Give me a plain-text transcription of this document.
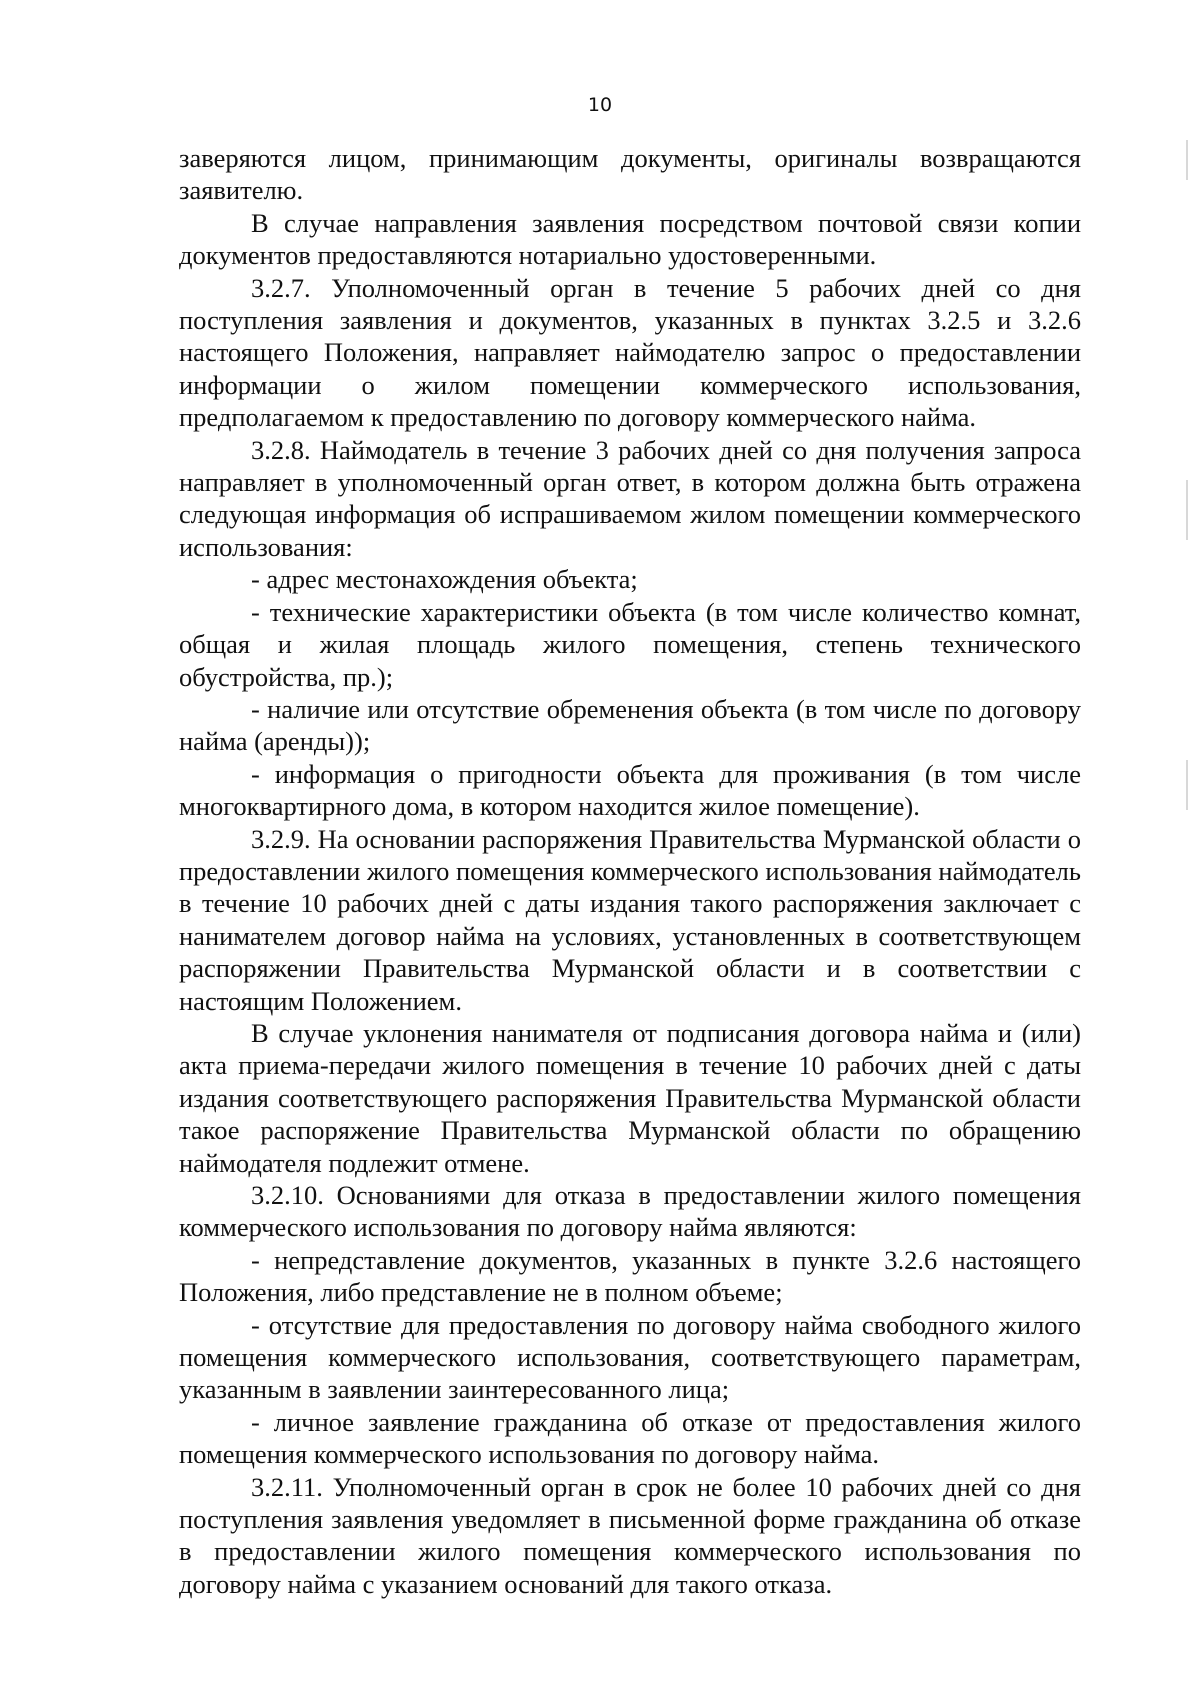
10

заверяются лицом, принимающим документы, оригиналы возвращаются заявителю.

В случае направления заявления посредством почтовой связи копии документов предоставляются нотариально удостоверенными.

3.2.7. Уполномоченный орган в течение 5 рабочих дней со дня поступления заявления и документов, указанных в пунктах 3.2.5 и 3.2.6 настоящего Положения, направляет наймодателю запрос о предоставлении информации о жилом помещении коммерческого использования, предполагаемом к предоставлению по договору коммерческого найма.

3.2.8. Наймодатель в течение 3 рабочих дней со дня получения запроса направляет в уполномоченный орган ответ, в котором должна быть отражена следующая информация об испрашиваемом жилом помещении коммерческого использования:

- адрес местонахождения объекта;

- технические характеристики объекта (в том числе количество комнат, общая и жилая площадь жилого помещения, степень технического обустройства, пр.);

- наличие или отсутствие обременения объекта (в том числе по договору найма (аренды));

- информация о пригодности объекта для проживания (в том числе многоквартирного дома, в котором находится жилое помещение).

3.2.9. На основании распоряжения Правительства Мурманской области о предоставлении жилого помещения коммерческого использования наймодатель в течение 10 рабочих дней с даты издания такого распоряжения заключает с нанимателем договор найма на условиях, установленных в соответствующем распоряжении Правительства Мурманской области и в соответствии с настоящим Положением.

В случае уклонения нанимателя от подписания договора найма и (или) акта приема-передачи жилого помещения в течение 10 рабочих дней с даты издания соответствующего распоряжения Правительства Мурманской области такое распоряжение Правительства Мурманской области по обращению наймодателя подлежит отмене.

3.2.10. Основаниями для отказа в предоставлении жилого помещения коммерческого использования по договору найма являются:

- непредставление документов, указанных в пункте 3.2.6 настоящего Положения, либо представление не в полном объеме;

- отсутствие для предоставления по договору найма свободного жилого помещения коммерческого использования, соответствующего параметрам, указанным в заявлении заинтересованного лица;

- личное заявление гражданина об отказе от предоставления жилого помещения коммерческого использования по договору найма.

3.2.11. Уполномоченный орган в срок не более 10 рабочих дней со дня поступления заявления уведомляет в письменной форме гражданина об отказе в предоставлении жилого помещения коммерческого использования по договору найма с указанием оснований для такого отказа.
